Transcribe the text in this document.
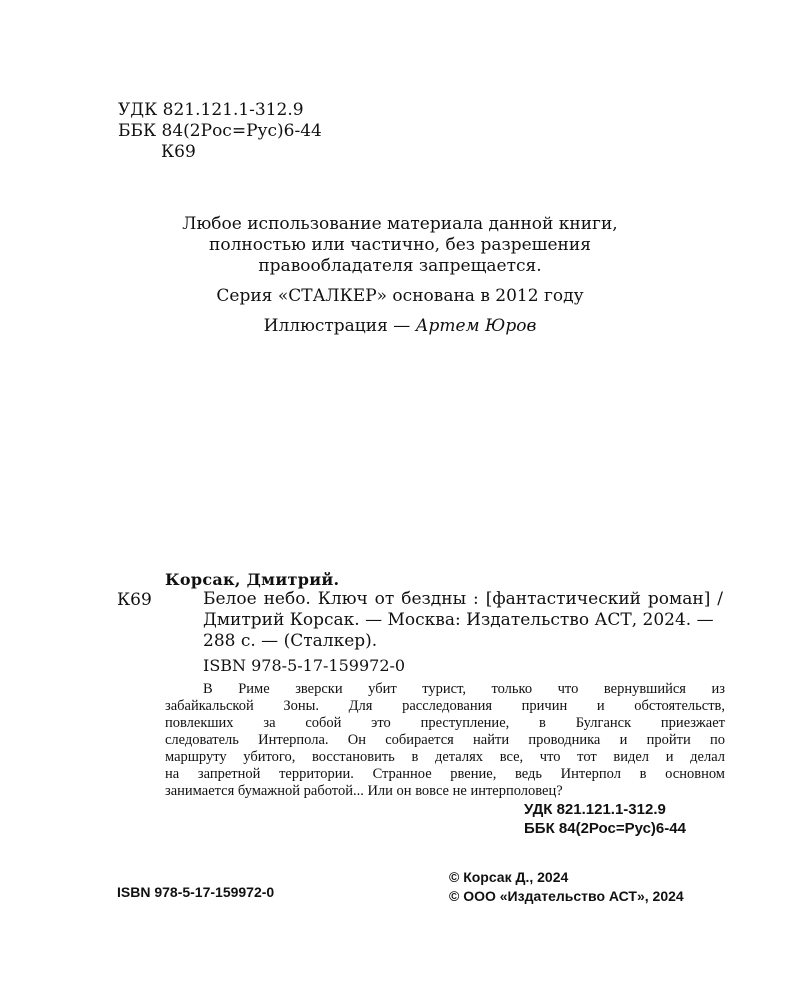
УДК 821.121.1-312.9
ББК 84(2Рос=Рус)6-44
К69
Любое использование материала данной книги,
полностью или частично, без разрешения
правообладателя запрещается.
Серия «СТАЛКЕР» основана в 2012 году
Иллюстрация — Артем Юров
Корсак, Дмитрий.
К69	Белое небо. Ключ от бездны : [фантастический роман] /
Дмитрий Корсак. — Москва: Издательство АСТ, 2024. —
288 с. — (Сталкер).
ISBN 978-5-17-159972-0
В Риме зверски убит турист, только что вернувшийся из
забайкальской Зоны. Для расследования причин и обстоятельств,
повлекших за собой это преступление, в Булганск приезжает
следователь Интерпола. Он собирается найти проводника и пройти по
маршруту убитого, восстановить в деталях все, что тот видел и делал
на запретной территории. Странное рвение, ведь Интерпол в основном
занимается бумажной работой... Или он вовсе не интерполовец?
УДК 821.121.1-312.9
ББК 84(2Рос=Рус)6-44
ISBN 978-5-17-159972-0
© Корсак Д., 2024
© ООО «Издательство АСТ», 2024
